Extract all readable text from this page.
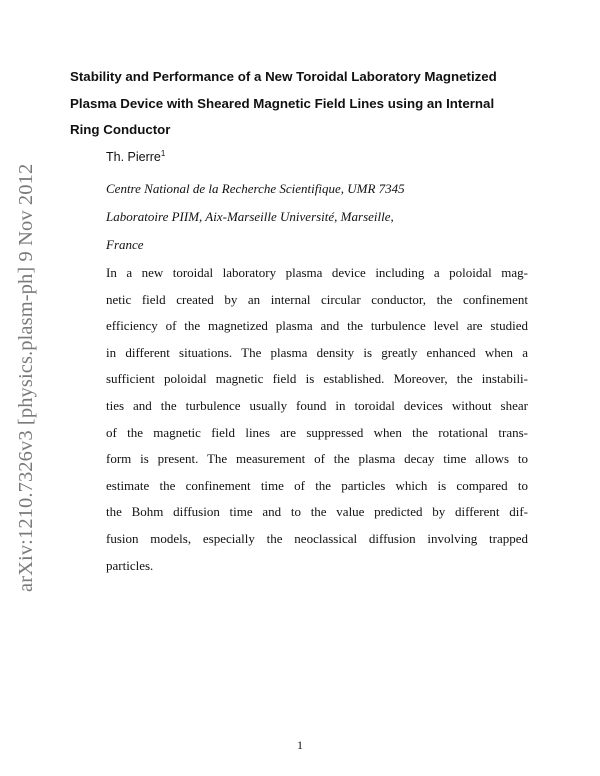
arXiv:1210.7326v3 [physics.plasm-ph] 9 Nov 2012
Stability and Performance of a New Toroidal Laboratory Magnetized
Plasma Device with Sheared Magnetic Field Lines using an Internal
Ring Conductor
Th. Pierre$^1$
Centre National de la Recherche Scientifique, UMR 7345
Laboratoire PIIM, Aix-Marseille Université, Marseille,
France
In a new toroidal laboratory plasma device including a poloidal mag-
netic field created by an internal circular conductor, the confinement
efficiency of the magnetized plasma and the turbulence level are studied
in different situations. The plasma density is greatly enhanced when a
sufficient poloidal magnetic field is established. Moreover, the instabili-
ties and the turbulence usually found in toroidal devices without shear
of the magnetic field lines are suppressed when the rotational trans-
form is present. The measurement of the plasma decay time allows to
estimate the confinement time of the particles which is compared to
the Bohm diffusion time and to the value predicted by different dif-
fusion models, especially the neoclassical diffusion involving trapped
particles.
1
